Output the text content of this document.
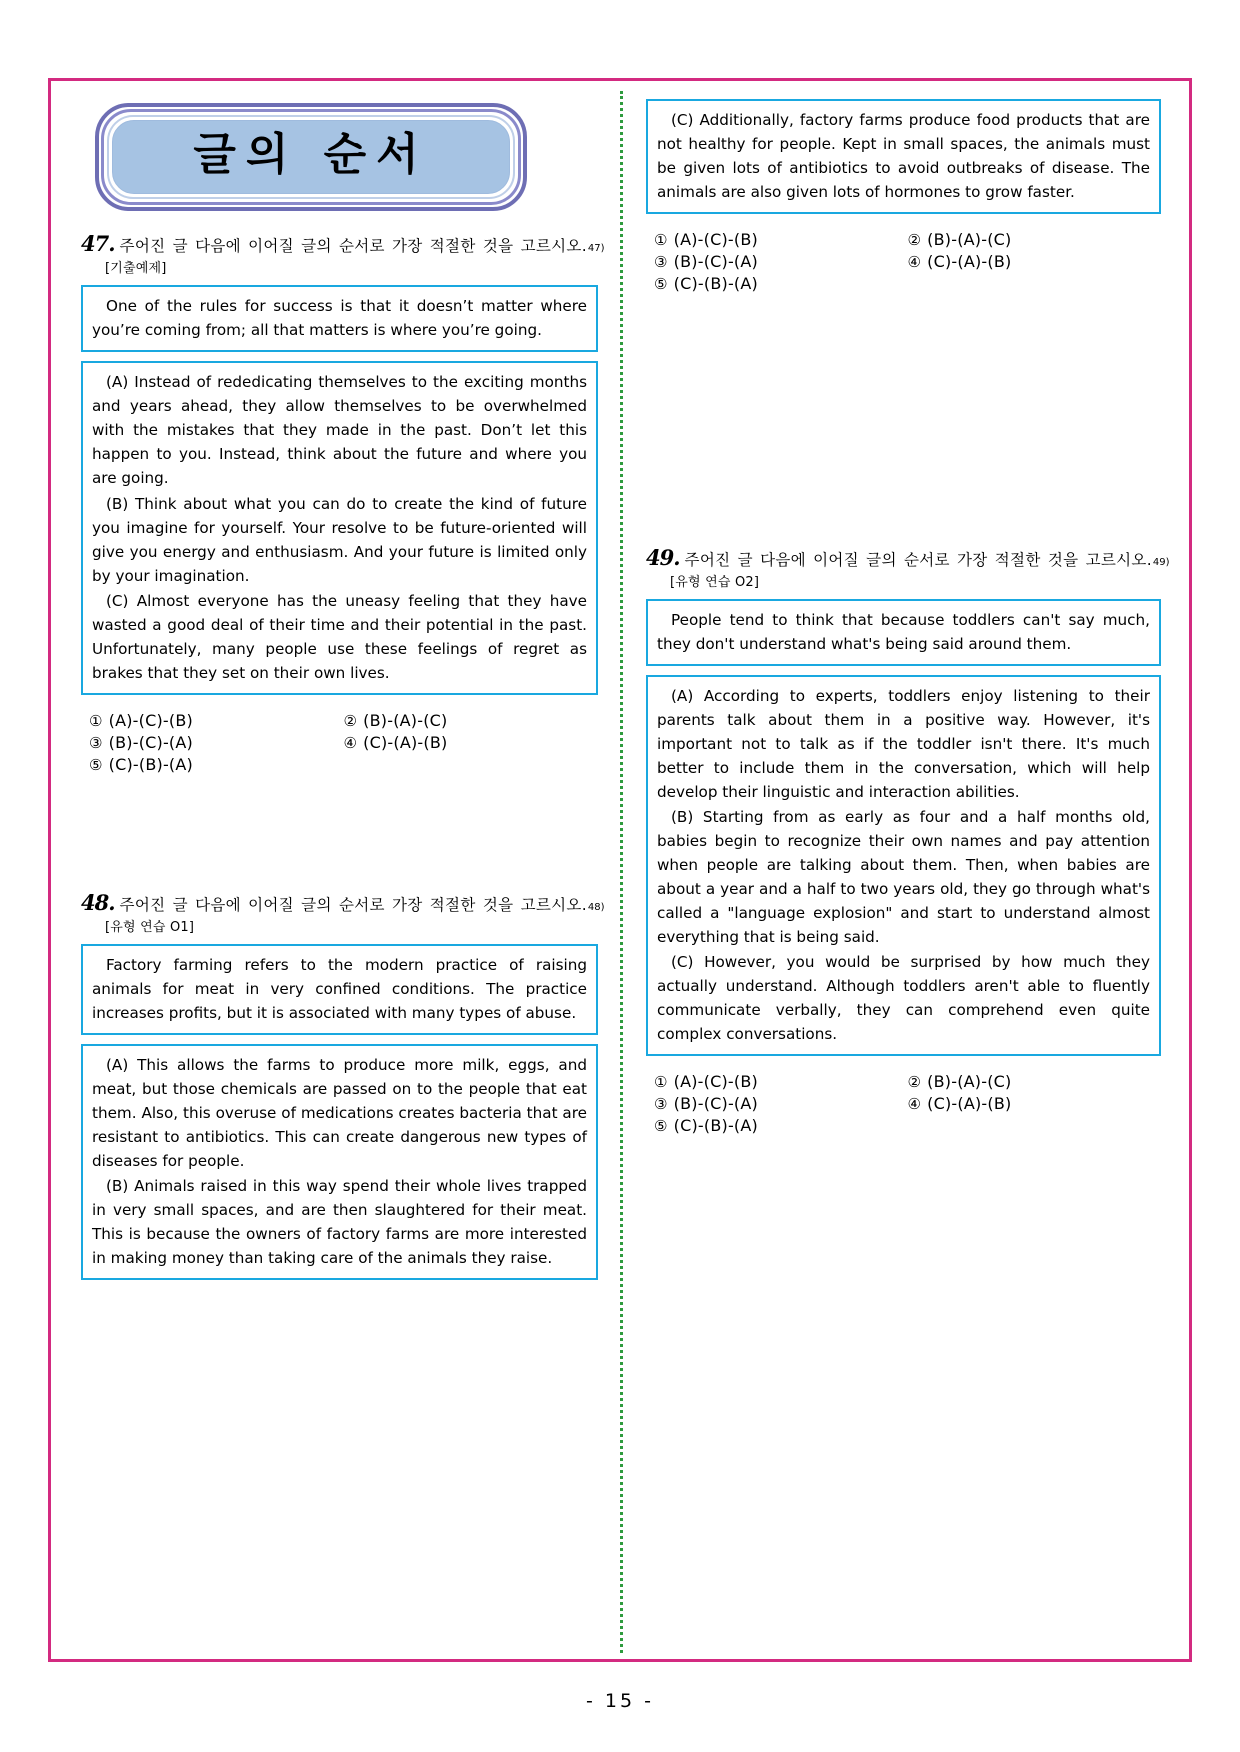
글의 순서
47. 주어진 글 다음에 이어질 글의 순서로 가장 적절한 것을 고르시오. 47)
[기출예제]

One of the rules for success is that it doesn’t matter where you’re coming from; all that matters is where you’re going.

(A) Instead of rededicating themselves to the exciting months and years ahead, they allow themselves to be overwhelmed with the mistakes that they made in the past. Don’t let this happen to you. Instead, think about the future and where you are going.

(B) Think about what you can do to create the kind of future you imagine for yourself. Your resolve to be future-oriented will give you energy and enthusiasm. And your future is limited only by your imagination.

(C) Almost everyone has the uneasy feeling that they have wasted a good deal of their time and their potential in the past. Unfortunately, many people use these feelings of regret as brakes that they set on their own lives.

① (A)-(C)-(B)	② (B)-(A)-(C)
③ (B)-(C)-(A)	④ (C)-(A)-(B)
⑤ (C)-(B)-(A)
48. 주어진 글 다음에 이어질 글의 순서로 가장 적절한 것을 고르시오. 48)
[유형 연습 O1]

Factory farming refers to the modern practice of raising animals for meat in very confined conditions. The practice increases profits, but it is associated with many types of abuse.

(A) This allows the farms to produce more milk, eggs, and meat, but those chemicals are passed on to the people that eat them. Also, this overuse of medications creates bacteria that are resistant to antibiotics. This can create dangerous new types of diseases for people.

(B) Animals raised in this way spend their whole lives trapped in very small spaces, and are then slaughtered for their meat. This is because the owners of factory farms are more interested in making money than taking care of the animals they raise.

(C) Additionally, factory farms produce food products that are not healthy for people. Kept in small spaces, the animals must be given lots of antibiotics to avoid outbreaks of disease. The animals are also given lots of hormones to grow faster.

① (A)-(C)-(B)	② (B)-(A)-(C)
③ (B)-(C)-(A)	④ (C)-(A)-(B)
⑤ (C)-(B)-(A)
49. 주어진 글 다음에 이어질 글의 순서로 가장 적절한 것을 고르시오. 49)
[유형 연습 O2]

People tend to think that because toddlers can't say much, they don't understand what's being said around them.

(A) According to experts, toddlers enjoy listening to their parents talk about them in a positive way. However, it's important not to talk as if the toddler isn't there. It's much better to include them in the conversation, which will help develop their linguistic and interaction abilities.

(B) Starting from as early as four and a half months old, babies begin to recognize their own names and pay attention when people are talking about them. Then, when babies are about a year and a half to two years old, they go through what's called a "language explosion" and start to understand almost everything that is being said.

(C) However, you would be surprised by how much they actually understand. Although toddlers aren't able to fluently communicate verbally, they can comprehend even quite complex conversations.

① (A)-(C)-(B)	② (B)-(A)-(C)
③ (B)-(C)-(A)	④ (C)-(A)-(B)
⑤ (C)-(B)-(A)
- 15 -
